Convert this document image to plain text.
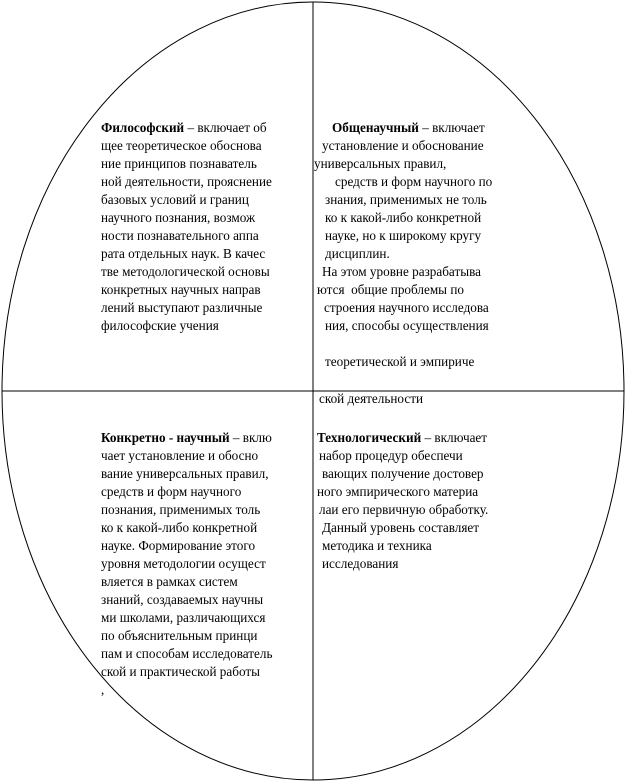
Философский – включает об

щее теоретическое обоснова

ние принципов познаватель

ной деятельности, прояснение

базовых условий и границ

научного познания, возмож

ности познавательного аппа

рата отдельных наук. В качес

тве методологической основы

конкретных научных направ

лений выступают различные

философские учения

Общенаучный – включает

установление и обоснование

универсальных правил,

средств и форм научного по

знания, применимых не толь

ко к какой-либо конкретной

науке, но к широкому кругу

дисциплин.

На этом уровне разрабатыва

ются  общие проблемы по

строения научного исследова

ния, способы осуществления

теоретической и эмпириче

ской деятельности

Конкретно - научный – вклю

чает установление и обосно

вание универсальных правил,

средств и форм научного

познания, применимых толь

ко к какой-либо конкретной

науке. Формирование этого

уровня методологии осущест

вляется в рамках систем

знаний, создаваемых научны

ми школами, различающихся

по объяснительным принци

пам и способам исследователь

ской и практической работы

,

Технологический – включает

набор процедур обеспечи

вающих получение достовер

ного эмпирического материа

лаи его первичную обработку.

Данный уровень составляет

методика и техника

исследования
